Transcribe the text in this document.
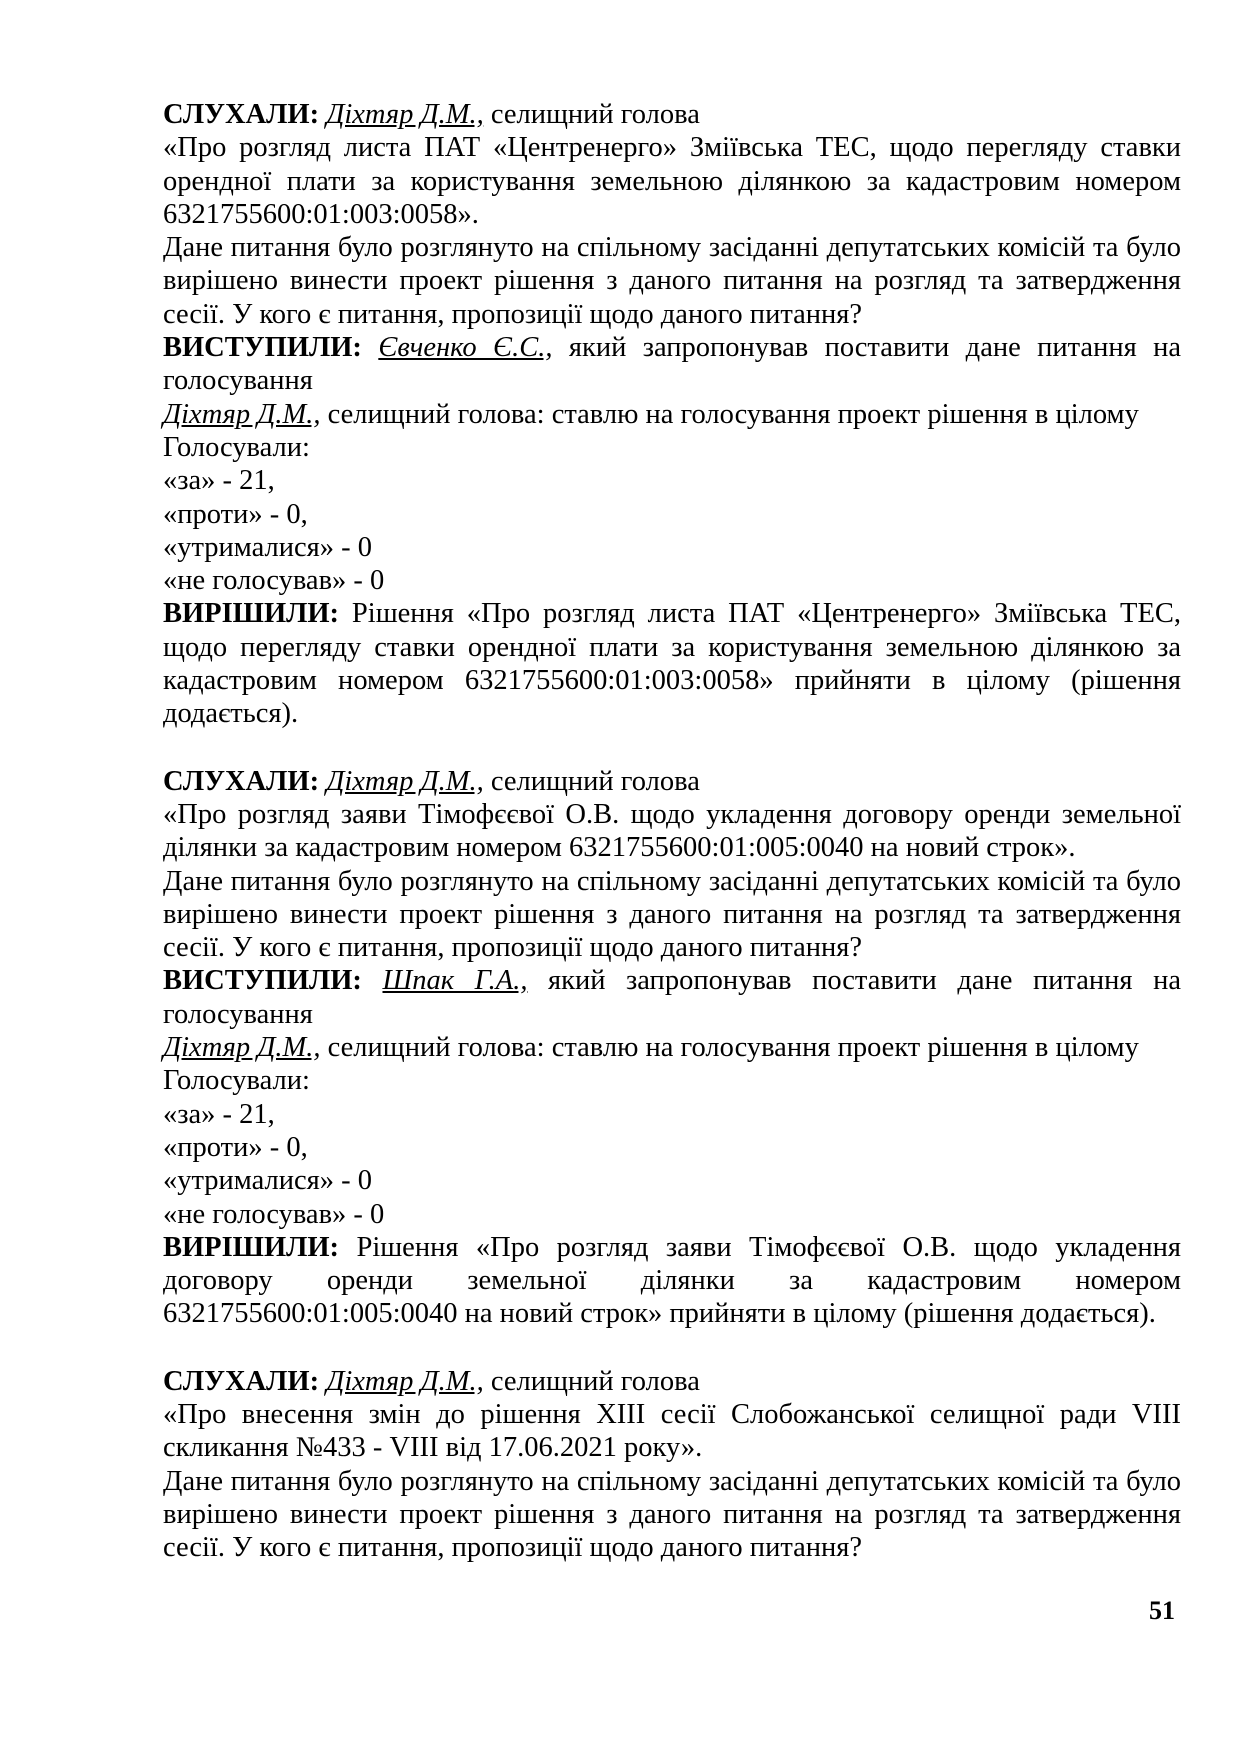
СЛУХАЛИ: Діхтяр Д.М., селищний голова

«Про розгляд листа ПАТ «Центренерго» Зміївська ТЕС, щодо перегляду ставки орендної плати за користування земельною ділянкою за кадастровим номером 6321755600:01:003:0058».

Дане питання було розглянуто на спільному засіданні депутатських комісій та було вирішено винести проект рішення з даного питання на розгляд та затвердження сесії. У кого є питання, пропозиції щодо даного питання?

ВИСТУПИЛИ: Євченко Є.С., який запропонував поставити дане питання на голосування

Діхтяр Д.М., селищний голова: ставлю на голосування проект рішення в цілому

Голосували:

«за» - 21,

«проти» - 0,

«утрималися» - 0

«не голосував» - 0

ВИРІШИЛИ: Рішення «Про розгляд листа ПАТ «Центренерго» Зміївська ТЕС, щодо перегляду ставки орендної плати за користування земельною ділянкою за кадастровим номером 6321755600:01:003:0058» прийняти в цілому (рішення додається).

СЛУХАЛИ: Діхтяр Д.М., селищний голова

«Про розгляд заяви Тімофєєвої О.В. щодо укладення договору оренди земельної ділянки за кадастровим номером 6321755600:01:005:0040 на новий строк».

Дане питання було розглянуто на спільному засіданні депутатських комісій та було вирішено винести проект рішення з даного питання на розгляд та затвердження сесії. У кого є питання, пропозиції щодо даного питання?

ВИСТУПИЛИ: Шпак Г.А., який запропонував поставити дане питання на голосування

Діхтяр Д.М., селищний голова: ставлю на голосування проект рішення в цілому

Голосували:

«за» - 21,

«проти» - 0,

«утрималися» - 0

«не голосував» - 0

ВИРІШИЛИ: Рішення «Про розгляд заяви Тімофєєвої О.В. щодо укладення договору оренди земельної ділянки за кадастровим номером 6321755600:01:005:0040 на новий строк» прийняти в цілому (рішення додається).

СЛУХАЛИ: Діхтяр Д.М., селищний голова

«Про внесення змін до рішення XIII сесії Слобожанської селищної ради VIII скликання №433 - VIII від 17.06.2021 року».

Дане питання було розглянуто на спільному засіданні депутатських комісій та було вирішено винести проект рішення з даного питання на розгляд та затвердження сесії. У кого є питання, пропозиції щодо даного питання?

51
